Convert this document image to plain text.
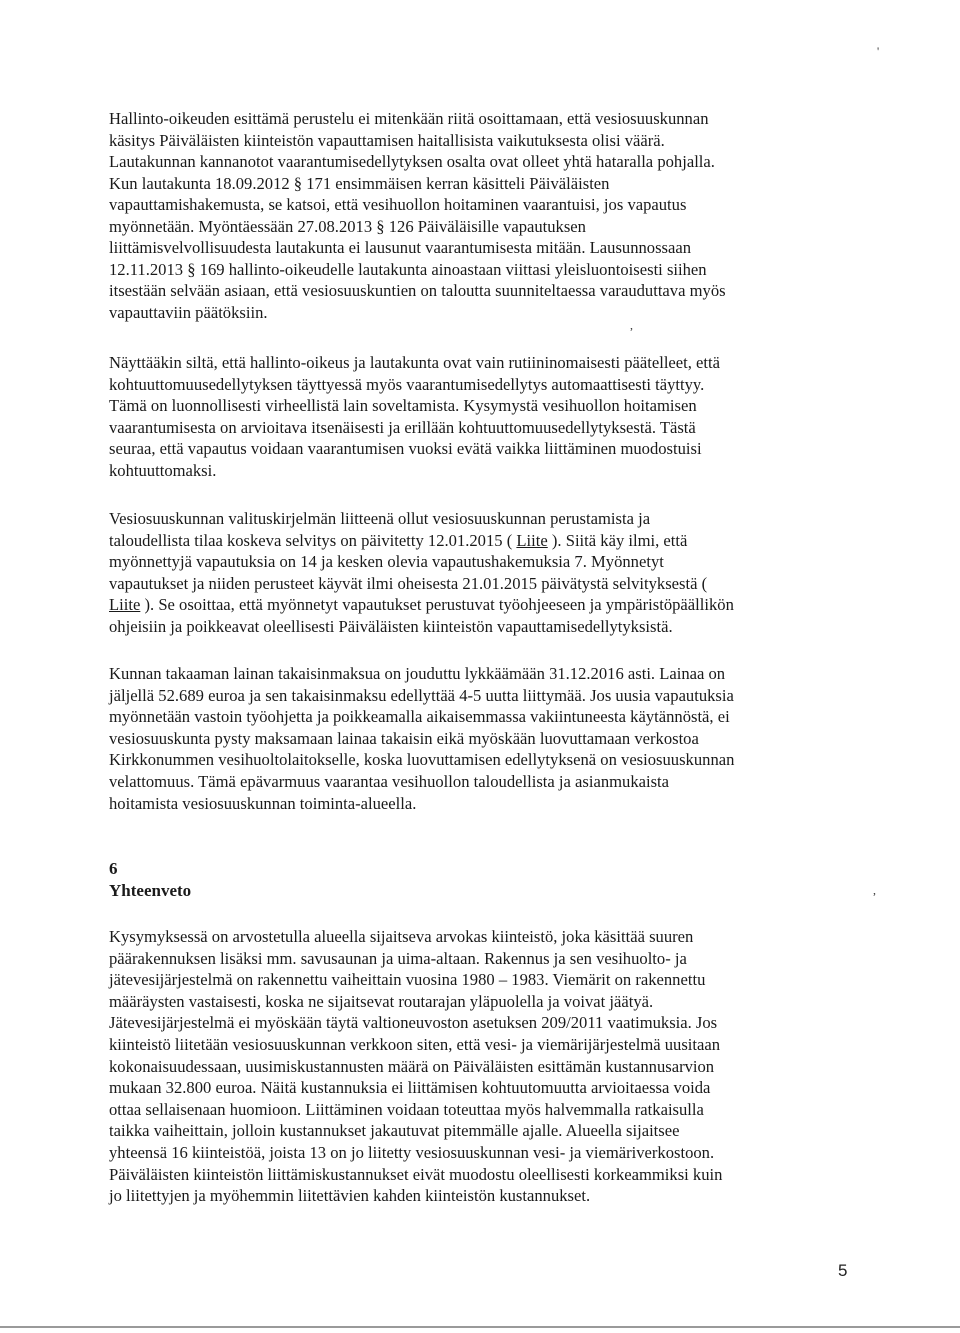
'

Hallinto-oikeuden esittämä perustelu ei mitenkään riitä osoittamaan, että vesiosuuskunnan
käsitys Päiväläisten kiinteistön vapauttamisen haitallisista vaikutuksesta olisi väärä.
Lautakunnan kannanotot vaarantumisedellytyksen osalta ovat olleet yhtä hataralla pohjalla.
Kun lautakunta 18.09.2012 § 171 ensimmäisen kerran käsitteli Päiväläisten
vapauttamishakemusta, se katsoi, että vesihuollon hoitaminen vaarantuisi, jos vapautus
myönnetään. Myöntäessään 27.08.2013 § 126 Päiväläisille vapautuksen
liittämisvelvollisuudesta lautakunta ei lausunut vaarantumisesta mitään. Lausunnossaan
12.11.2013 § 169 hallinto-oikeudelle lautakunta ainoastaan viittasi yleisluontoisesti siihen
itsestään selvään asiaan, että vesiosuuskuntien on taloutta suunniteltaessa varauduttava myös
vapauttaviin päätöksiin.

,

Näyttääkin siltä, että hallinto-oikeus ja lautakunta ovat vain rutiininomaisesti päätelleet, että
kohtuuttomuusedellytyksen täyttyessä myös vaarantumisedellytys automaattisesti täyttyy.
Tämä on luonnollisesti virheellistä lain soveltamista. Kysymystä vesihuollon hoitamisen
vaarantumisesta on arvioitava itsenäisesti ja erillään kohtuuttomuusedellytyksestä. Tästä
seuraa, että vapautus voidaan vaarantumisen vuoksi evätä vaikka liittäminen muodostuisi
kohtuuttomaksi.

Vesiosuuskunnan valituskirjelmän liitteenä ollut vesiosuuskunnan perustamista ja
taloudellista tilaa koskeva selvitys on päivitetty 12.01.2015 ( Liite ). Siitä käy ilmi, että
myönnettyjä vapautuksia on 14 ja kesken olevia vapautushakemuksia 7. Myönnetyt
vapautukset ja niiden perusteet käyvät ilmi oheisesta 21.01.2015 päivätystä selvityksestä (
Liite ). Se osoittaa, että myönnetyt vapautukset perustuvat työohjeeseen ja ympäristöpäällikön
ohjeisiin ja poikkeavat oleellisesti Päiväläisten kiinteistön vapauttamisedellytyksistä.

Kunnan takaaman lainan takaisinmaksua on jouduttu lykkäämään 31.12.2016 asti. Lainaa on
jäljellä 52.689 euroa ja sen takaisinmaksu edellyttää 4-5 uutta liittymää. Jos uusia vapautuksia
myönnetään vastoin työohjetta ja poikkeamalla aikaisemmassa vakiintuneesta käytännöstä, ei
vesiosuuskunta pysty maksamaan lainaa takaisin eikä myöskään luovuttamaan verkostoa
Kirkkonummen vesihuoltolaitokselle, koska luovuttamisen edellytyksenä on vesiosuuskunnan
velattomuus. Tämä epävarmuus vaarantaa vesihuollon taloudellista ja asianmukaista
hoitamista vesiosuuskunnan toiminta-alueella.

6
Yhteenveto	,

Kysymyksessä on arvostetulla alueella sijaitseva arvokas kiinteistö, joka käsittää suuren
päärakennuksen lisäksi mm. savusaunan ja uima-altaan. Rakennus ja sen vesihuolto- ja
jätevesijärjestelmä on rakennettu vaiheittain vuosina 1980 – 1983. Viemärit on rakennettu
määräysten vastaisesti, koska ne sijaitsevat routarajan yläpuolella ja voivat jäätyä.
Jätevesijärjestelmä ei myöskään täytä valtioneuvoston asetuksen 209/2011 vaatimuksia. Jos
kiinteistö liitetään vesiosuuskunnan verkkoon siten, että vesi- ja viemärijärjestelmä uusitaan
kokonaisuudessaan, uusimiskustannusten määrä on Päiväläisten esittämän kustannusarvion
mukaan 32.800 euroa. Näitä kustannuksia ei liittämisen kohtuutomuutta arvioitaessa voida
ottaa sellaisenaan huomioon. Liittäminen voidaan toteuttaa myös halvemmalla ratkaisulla
taikka vaiheittain, jolloin kustannukset jakautuvat pitemmälle ajalle. Alueella sijaitsee
yhteensä 16 kiinteistöä, joista 13 on jo liitetty vesiosuuskunnan vesi- ja viemäriverkostoon.
Päiväläisten kiinteistön liittämiskustannukset eivät muodostu oleellisesti korkeammiksi kuin
jo liitettyjen ja myöhemmin liitettävien kahden kiinteistön kustannukset.

5
